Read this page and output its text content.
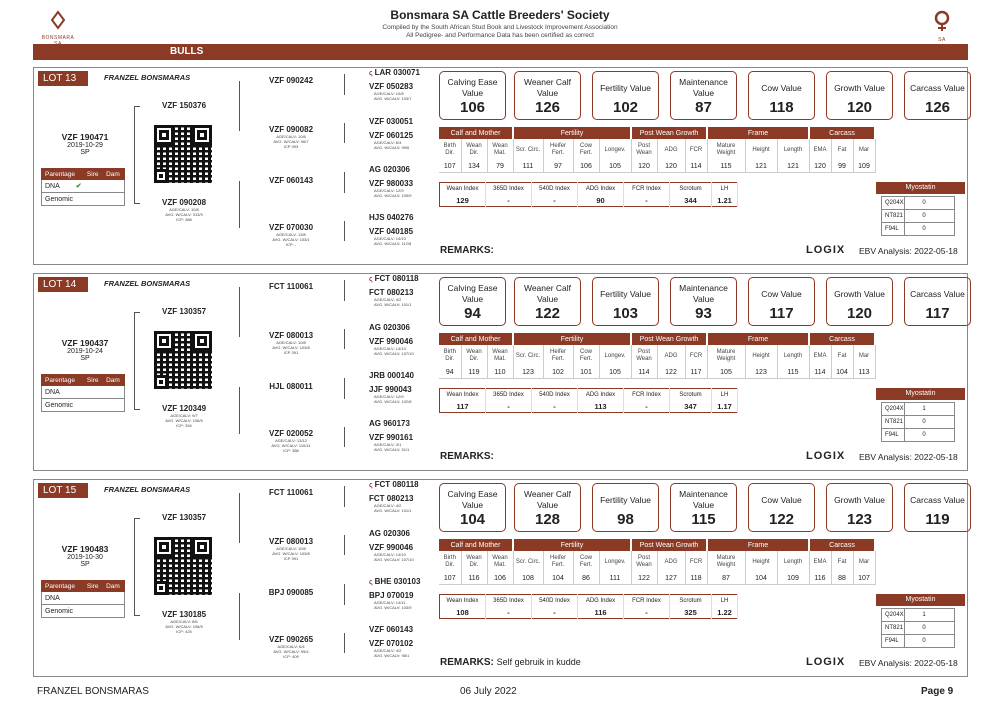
BONSMARA
Bonsmara SA Cattle Breeders' Society
Compiled by the South African Stud Book and Livestock Improvement Association
All Pedigree- and Performance Data has been certified as correct
SA
BULLS
LOT 13	FRANZEL BONSMARAS
VZF 190471
2019-10-29
SP
Parentage	Sire	Dam
DNA ✔
Genomic
VZF 150376
VZF 090208
AGE/CALV: 10/8
AVG. W/CALV: 313/9
ICP: 388
VZF 090242
VZF 090082
AGE/CALV: 10/8
AVG. W/CALV: 96/7
ICP 393
VZF 060143
VZF 070030
AGE/CALV: 13/8
AVG. W/CALV: 103/1
ICP: -
ς LAR 030071
VZF 050283
AGE/CALV: 10/8
AVG. W/CALV: 103/7
VZF 030051
VZF 060125
AGE/CALV: 6/4
AVG. W/CALV: 99/6
AG 020306
VZF 980033
AGE/CALV: 12/9
AVG. W/CALV: 105/9
HJS 040276
VZF 040185
AGE/CALV: 14/10
AVG. W/CALV: 112/8
Calving Ease Value
106
Weaner Calf Value
126
Fertility Value
102
Maintenance Value
87
Cow Value
118
Growth Value
120
Carcass Value
126
Calf and Mother			Fertility				Post Wean Growth			Frame			Carcass		
Birth Dir.	Wean Dir.	Wean Mat.	Scr. Circ.	Heifer Fert.	Cow Fert.	Longev.	Post Wean	ADG	FCR	Mature Weight	Height	Length	EMA	Fat	Mar
107	134	79	111	97	106	105	120	120	114	115	121	121	120	99	109
Wean Index	365D Index	540D Index	ADG Index	FCR Index	Scrotum	LH
129	-	-	90	-	344	1.21
Myostatin
Q204X	0
NT821	0
F94L	0
REMARKS:	LOGIX EBV Analysis: 2022-05-18
LOT 14	FRANZEL BONSMARAS
VZF 190437
2019-10-24
SP
Parentage	Sire	Dam
DNA
Genomic
VZF 130357
VZF 120349
AGE/CALV: 9/7
AVG. W/CALV: 106/5
ICP: 394
FCT 110061
VZF 080013
AGE/CALV: 10/8
AVG. W/CALV: 103/8
ICP 391
HJL 080011
VZF 020052
AGE/CALV: 13/12
AVG. W/CALV: 110/11
ICP: 388
ς FCT 080118
FCT 080213
AGE/CALV: 4/2
AVG. W/CALV: 101/1
AG 020306
VZF 990046
AGE/CALV: 14/10
AVG. W/CALV: 107/10
JRB 000140
JJF 990043
AGE/CALV: 12/9
AVG. W/CALV: 102/8
AG 960173
VZF 990161
AGE/CALV: 3/1
AVG. W/CALV: 91/1
Calving Ease Value
94
Weaner Calf Value
122
Fertility Value
103
Maintenance Value
93
Cow Value
117
Growth Value
120
Carcass Value
117
Calf and Mother			Fertility				Post Wean Growth			Frame			Carcass		
Birth Dir.	Wean Dir.	Wean Mat.	Scr. Circ.	Heifer Fert.	Cow Fert.	Longev.	Post Wean	ADG	FCR	Mature Weight	Height	Length	EMA	Fat	Mar
94	119	110	123	102	101	105	114	122	117	105	123	115	114	104	113
Wean Index	365D Index	540D Index	ADG Index	FCR Index	Scrotum	LH
117	-	-	113	-	347	1.17
Myostatin
Q204X	1
NT821	0
F94L	0
REMARKS:	LOGIX EBV Analysis: 2022-05-18
LOT 15	FRANZEL BONSMARAS
VZF 190483
2019-10-30
SP
Parentage	Sire	Dam
DNA
Genomic
VZF 130357
VZF 130185
AGE/CALV: 8/6
AVG. W/CALV: 106/5
ICP: 425
FCT 110061
VZF 080013
AGE/CALV: 10/8
AVG. W/CALV: 103/8
ICP 391
BPJ 090085
VZF 090265
AGE/CALV: 6/4
AVG. W/CALV: 95/4
ICP: 409
ς FCT 080118
FCT 080213
AGE/CALV: 4/2
AVG. W/CALV: 101/1
AG 020306
VZF 990046
AGE/CALV: 14/10
AVG. W/CALV: 107/10
ς BHE 030103
BPJ 070019
AGE/CALV: 14/11
AVG. W/CALV: 103/9
VZF 060143
VZF 070102
AGE/CALV: 4/2
AVG. W/CALV: 98/1
Calving Ease Value
104
Weaner Calf Value
128
Fertility Value
98
Maintenance Value
115
Cow Value
122
Growth Value
123
Carcass Value
119
Calf and Mother			Fertility				Post Wean Growth			Frame			Carcass		
Birth Dir.	Wean Dir.	Wean Mat.	Scr. Circ.	Heifer Fert.	Cow Fert.	Longev.	Post Wean	ADG	FCR	Mature Weight	Height	Length	EMA	Fat	Mar
107	116	106	108	104	86	111	122	127	118	87	104	109	116	88	107
Wean Index	365D Index	540D Index	ADG Index	FCR Index	Scrotum	LH
108	-	-	116	-	325	1.22
Myostatin
Q204X	1
NT821	0
F94L	0
REMARKS: Self gebruik in kudde	LOGIX EBV Analysis: 2022-05-18
FRANZEL BONSMARAS	06 July 2022	Page 9
